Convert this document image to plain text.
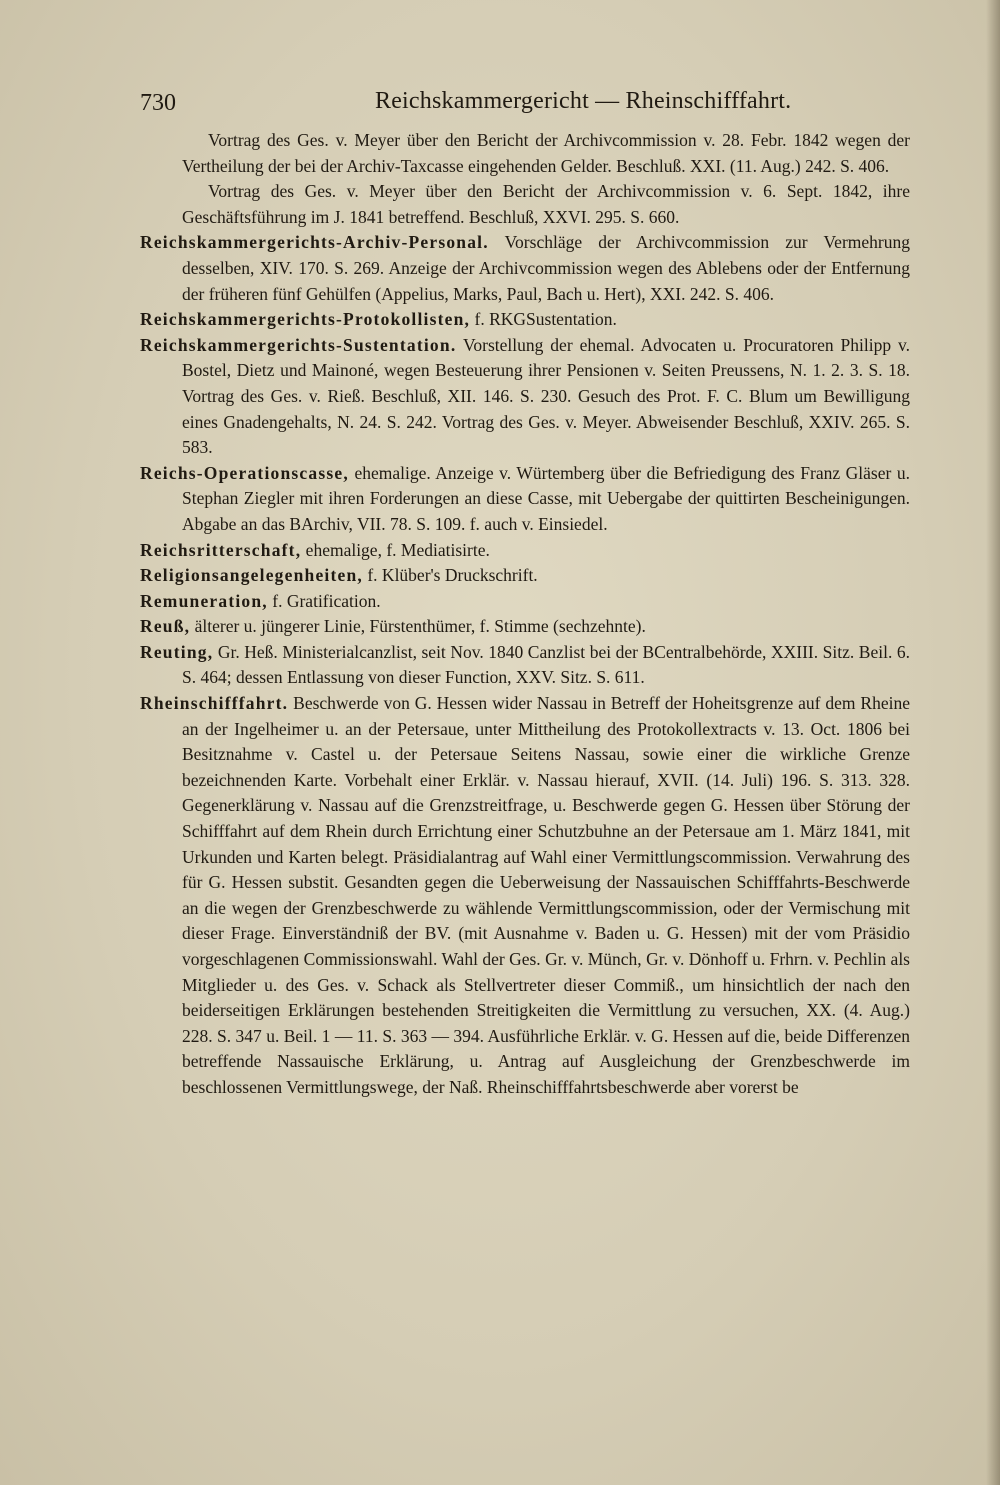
730	Reichskammergericht — Rheinschifffahrt.

Vortrag des Ges. v. Meyer über den Bericht der Archivcommission v. 28. Febr. 1842 wegen der Vertheilung der bei der Archiv-Taxcasse eingehenden Gelder. Beschluß. XXI. (11. Aug.) 242. S. 406.

Vortrag des Ges. v. Meyer über den Bericht der Archivcommission v. 6. Sept. 1842, ihre Geschäftsführung im J. 1841 betreffend. Beschluß, XXVI. 295. S. 660.

Reichskammergerichts-Archiv-Personal. Vorschläge der Archivcommission zur Vermehrung desselben, XIV. 170. S. 269. Anzeige der Archivcommission wegen des Ablebens oder der Entfernung der früheren fünf Gehülfen (Appelius, Marks, Paul, Bach u. Hert), XXI. 242. S. 406.

Reichskammergerichts-Protokollisten, f. RKGSustentation.

Reichskammergerichts-Sustentation. Vorstellung der ehemal. Advocaten u. Procuratoren Philipp v. Bostel, Dietz und Mainoné, wegen Besteuerung ihrer Pensionen v. Seiten Preussens, N. 1. 2. 3. S. 18. Vortrag des Ges. v. Rieß. Beschluß, XII. 146. S. 230. Gesuch des Prot. F. C. Blum um Bewilligung eines Gnadengehalts, N. 24. S. 242. Vortrag des Ges. v. Meyer. Abweisender Beschluß, XXIV. 265. S. 583.

Reichs-Operationscasse, ehemalige. Anzeige v. Würtemberg über die Befriedigung des Franz Gläser u. Stephan Ziegler mit ihren Forderungen an diese Casse, mit Uebergabe der quittirten Bescheinigungen. Abgabe an das BArchiv, VII. 78. S. 109. f. auch v. Einsiedel.

Reichsritterschaft, ehemalige, f. Mediatisirte.

Religionsangelegenheiten, f. Klüber's Druckschrift.

Remuneration, f. Gratification.

Reuß, älterer u. jüngerer Linie, Fürstenthümer, f. Stimme (sechzehnte).

Reuting, Gr. Heß. Ministerialcanzlist, seit Nov. 1840 Canzlist bei der BCentralbehörde, XXIII. Sitz. Beil. 6. S. 464; dessen Entlassung von dieser Function, XXV. Sitz. S. 611.

Rheinschifffahrt. Beschwerde von G. Hessen wider Nassau in Betreff der Hoheitsgrenze auf dem Rheine an der Ingelheimer u. an der Petersaue, unter Mittheilung des Protokollextracts v. 13. Oct. 1806 bei Besitznahme v. Castel u. der Petersaue Seitens Nassau, sowie einer die wirkliche Grenze bezeichnenden Karte. Vorbehalt einer Erklär. v. Nassau hierauf, XVII. (14. Juli) 196. S. 313. 328. Gegenerklärung v. Nassau auf die Grenzstreitfrage, u. Beschwerde gegen G. Hessen über Störung der Schifffahrt auf dem Rhein durch Errichtung einer Schutzbuhne an der Petersaue am 1. März 1841, mit Urkunden und Karten belegt. Präsidialantrag auf Wahl einer Vermittlungscommission. Verwahrung des für G. Hessen substit. Gesandten gegen die Ueberweisung der Nassauischen Schifffahrts-Beschwerde an die wegen der Grenzbeschwerde zu wählende Vermittlungscommission, oder der Vermischung mit dieser Frage. Einverständniß der BV. (mit Ausnahme v. Baden u. G. Hessen) mit der vom Präsidio vorgeschlagenen Commissionswahl. Wahl der Ges. Gr. v. Münch, Gr. v. Dönhoff u. Frhrn. v. Pechlin als Mitglieder u. des Ges. v. Schack als Stellvertreter dieser Commiß., um hinsichtlich der nach den beiderseitigen Erklärungen bestehenden Streitigkeiten die Vermittlung zu versuchen, XX. (4. Aug.) 228. S. 347 u. Beil. 1 — 11. S. 363 — 394. Ausführliche Erklär. v. G. Hessen auf die, beide Differenzen betreffende Nassauische Erklärung, u. Antrag auf Ausgleichung der Grenzbeschwerde im beschlossenen Vermittlungswege, der Naß. Rheinschifffahrtsbeschwerde aber vorerst be
